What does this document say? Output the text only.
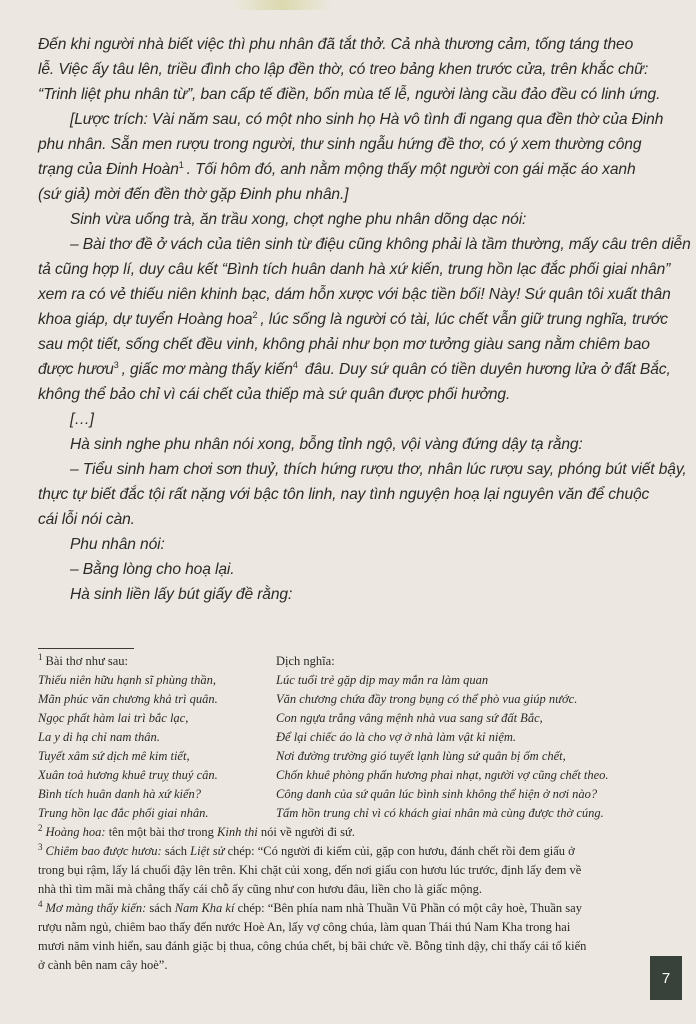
Đến khi người nhà biết việc thì phu nhân đã tắt thở. Cả nhà thương cảm, tống táng theo

lễ. Việc ấy tâu lên, triều đình cho lập đền thờ, có treo bảng khen trước cửa, trên khắc chữ:

“Trinh liệt phu nhân từ”, ban cấp tế điền, bốn mùa tế lễ, người làng cầu đảo đều có linh ứng.

[Lược trích: Vài năm sau, có một nho sinh họ Hà vô tình đi ngang qua đền thờ của Đinh

phu nhân. Sẵn men rượu trong người, thư sinh ngẫu hứng đề thơ, có ý xem thường công

trạng của Đinh Hoàn$^1$ . Tối hôm đó, anh nằm mộng thấy một người con gái mặc áo xanh

(sứ giả) mời đến đền thờ gặp Đinh phu nhân.]

Sinh vừa uống trà, ăn trầu xong, chợt nghe phu nhân dõng dạc nói:

– Bài thơ đề ở vách của tiên sinh từ điệu cũng không phải là tầm thường, mấy câu trên diễn

tả cũng hợp lí, duy câu kết “Bình tích huân danh hà xứ kiến, trung hồn lạc đắc phối giai nhân”

xem ra có vẻ thiếu niên khinh bạc, dám hỗn xược với bậc tiền bối! Này! Sứ quân tôi xuất thân

khoa giáp, dự tuyển Hoàng hoa$^2$ , lúc sống là người có tài, lúc chết vẫn giữ trung nghĩa, trước

sau một tiết, sống chết đều vinh, không phải như bọn mơ tưởng giàu sang nằm chiêm bao

được hươu$^3$ , giấc mơ màng thấy kiến$^4$ đâu. Duy sứ quân có tiền duyên hương lửa ở đất Bắc,

không thể bảo chỉ vì cái chết của thiếp mà sứ quân được phối hưởng.

[…]

Hà sinh nghe phu nhân nói xong, bỗng tỉnh ngộ, vội vàng đứng dậy tạ rằng:

– Tiểu sinh ham chơi sơn thuỷ, thích hứng rượu thơ, nhân lúc rượu say, phóng bút viết bậy,

thực tự biết đắc tội rất nặng với bậc tôn linh, nay tình nguyện hoạ lại nguyên văn để chuộc

cái lỗi nói càn.

Phu nhân nói:

– Bằng lòng cho hoạ lại.

Hà sinh liền lấy bút giấy đề rằng:

$^1$ Bài thơ như sau:	Dịch nghĩa:
Thiếu niên hữu hạnh sĩ phùng thần,	Lúc tuổi trẻ gặp dịp may mắn ra làm quan
Mãn phúc văn chương khả trì quân.	Văn chương chứa đầy trong bụng có thể phò vua giúp nước.
Ngọc phất hàm lai trì bắc lạc,	Con ngựa trắng vâng mệnh nhà vua sang sứ đất Bắc,
La y di hạ chỉ nam thân.	Để lại chiếc áo là cho vợ ở nhà làm vật kỉ niệm.
Tuyết xâm sứ dịch mê kim tiết,	Nơi đường trường gió tuyết lạnh lùng sứ quân bị ốm chết,
Xuân toả hương khuê truỵ thuý cân.	Chốn khuê phòng phấn hương phai nhạt, người vợ cũng chết theo.
Bình tích huân danh hà xứ kiến?	Công danh của sứ quân lúc bình sinh không thể hiện ở nơi nào?
Trung hồn lạc đắc phối giai nhân.	Tấm hồn trung chỉ vì có khách giai nhân mà cùng được thờ cúng.
$^2$ Hoàng hoa: tên một bài thơ trong Kinh thi nói về người đi sứ.
$^3$ Chiêm bao được hươu: sách Liệt sử chép: “Có người đi kiếm củi, gặp con hươu, đánh chết rồi đem giấu ở
trong bụi rậm, lấy lá chuối đậy lên trên. Khi chặt củi xong, đến nơi giấu con hươu lúc trước, định lấy đem về
nhà thì tìm mãi mà chẳng thấy cái chỗ ấy cũng như con hươu đâu, liền cho là giấc mộng.
$^4$ Mơ màng thấy kiến: sách Nam Kha kí chép: “Bên phía nam nhà Thuần Vũ Phần có một cây hoè, Thuần say
rượu nằm ngủ, chiêm bao thấy đến nước Hoè An, lấy vợ công chúa, làm quan Thái thú Nam Kha trong hai
mươi năm vinh hiển, sau đánh giặc bị thua, công chúa chết, bị bãi chức về. Bỗng tỉnh dậy, chỉ thấy cái tổ kiến
ở cành bên nam cây hoè”.
7
